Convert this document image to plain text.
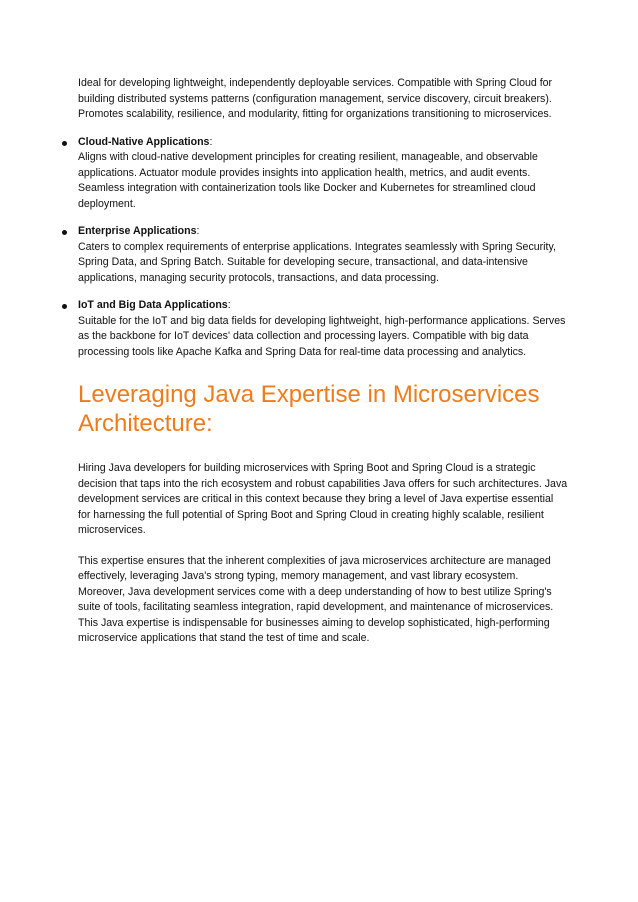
Ideal for developing lightweight, independently deployable services. Compatible with Spring Cloud for building distributed systems patterns (configuration management, service discovery, circuit breakers). Promotes scalability, resilience, and modularity, fitting for organizations transitioning to microservices.

Cloud-Native Applications:

Aligns with cloud-native development principles for creating resilient, manageable, and observable applications. Actuator module provides insights into application health, metrics, and audit events. Seamless integration with containerization tools like Docker and Kubernetes for streamlined cloud deployment.

Enterprise Applications:

Caters to complex requirements of enterprise applications. Integrates seamlessly with Spring Security, Spring Data, and Spring Batch. Suitable for developing secure, transactional, and data-intensive applications, managing security protocols, transactions, and data processing.

IoT and Big Data Applications:

Suitable for the IoT and big data fields for developing lightweight, high-performance applications. Serves as the backbone for IoT devices' data collection and processing layers. Compatible with big data processing tools like Apache Kafka and Spring Data for real-time data processing and analytics.

Leveraging Java Expertise in Microservices Architecture:

Hiring Java developers for building microservices with Spring Boot and Spring Cloud is a strategic decision that taps into the rich ecosystem and robust capabilities Java offers for such architectures. Java development services are critical in this context because they bring a level of Java expertise essential for harnessing the full potential of Spring Boot and Spring Cloud in creating highly scalable, resilient microservices.

This expertise ensures that the inherent complexities of java microservices architecture are managed effectively, leveraging Java's strong typing, memory management, and vast library ecosystem. Moreover, Java development services come with a deep understanding of how to best utilize Spring's suite of tools, facilitating seamless integration, rapid development, and maintenance of microservices. This Java expertise is indispensable for businesses aiming to develop sophisticated, high-performing microservice applications that stand the test of time and scale.
